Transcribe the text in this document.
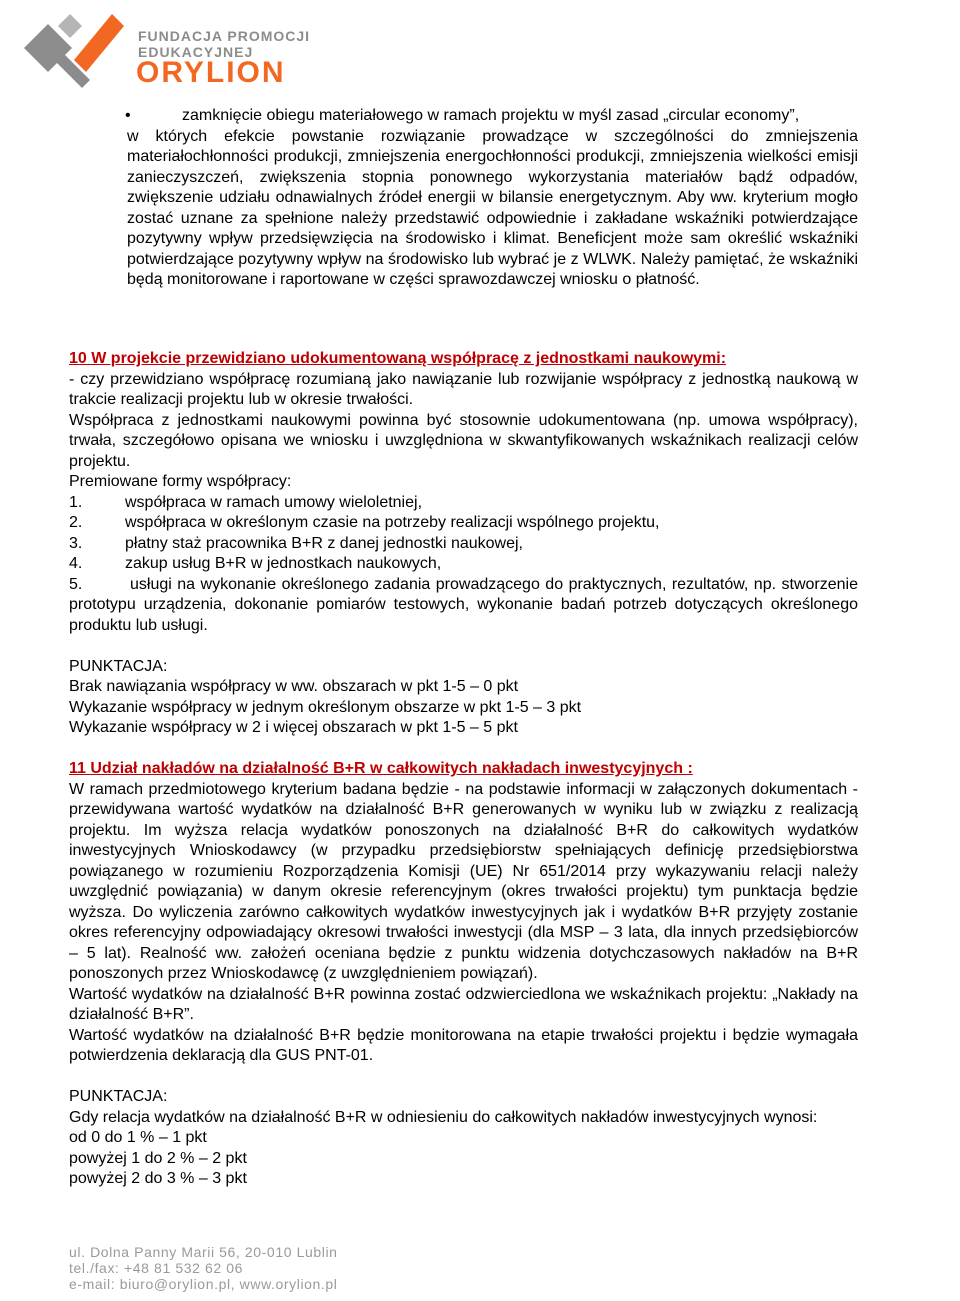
FUNDACJA PROMOCJI
EDUKACYJNEJ
ORYLION
•	zamknięcie obiegu materiałowego w ramach projektu w myśl zasad „circular economy”,
w których efekcie powstanie rozwiązanie prowadzące w szczególności do zmniejszenia materiałochłonności produkcji, zmniejszenia energochłonności produkcji, zmniejszenia wielkości emisji zanieczyszczeń, zwiększenia stopnia ponownego wykorzystania materiałów bądź odpadów, zwiększenie udziału odnawialnych źródeł energii w bilansie energetycznym. Aby ww. kryterium mogło zostać uznane za spełnione należy przedstawić odpowiednie i zakładane wskaźniki potwierdzające pozytywny wpływ przedsięwzięcia na środowisko i klimat. Beneficjent może sam określić wskaźniki potwierdzające pozytywny wpływ na środowisko lub wybrać je z WLWK. Należy pamiętać, że wskaźniki będą monitorowane i raportowane w części sprawozdawczej wniosku o płatność.
10 W projekcie przewidziano udokumentowaną współpracę z jednostkami naukowymi:
- czy przewidziano współpracę rozumianą jako nawiązanie lub rozwijanie współpracy z jednostką naukową w trakcie realizacji projektu lub w okresie trwałości.
Współpraca z jednostkami naukowymi powinna być stosownie udokumentowana (np. umowa współpracy), trwała, szczegółowo opisana we wniosku i uwzględniona w skwantyfikowanych wskaźnikach realizacji celów projektu.
Premiowane formy współpracy:
1.	współpraca w ramach umowy wieloletniej,
2.	współpraca w określonym czasie na potrzeby realizacji wspólnego projektu,
3.	płatny staż pracownika B+R z danej jednostki naukowej,
4.	zakup usług B+R w jednostkach naukowych,
5.	usługi na wykonanie określonego zadania prowadzącego do praktycznych, rezultatów, np. stworzenie prototypu urządzenia, dokonanie pomiarów testowych, wykonanie badań potrzeb dotyczących określonego produktu lub usługi.
PUNKTACJA:
Brak nawiązania współpracy w ww. obszarach w pkt 1-5 – 0 pkt
Wykazanie współpracy w jednym określonym obszarze w pkt 1-5 – 3 pkt
Wykazanie współpracy w 2 i więcej obszarach w pkt 1-5 – 5 pkt
11 Udział nakładów na działalność B+R w całkowitych nakładach inwestycyjnych :
W ramach przedmiotowego kryterium badana będzie - na podstawie informacji w załączonych dokumentach - przewidywana wartość wydatków na działalność B+R generowanych w wyniku lub w związku z realizacją projektu. Im wyższa relacja wydatków ponoszonych na działalność B+R do całkowitych wydatków inwestycyjnych Wnioskodawcy (w przypadku przedsiębiorstw spełniających definicję przedsiębiorstwa powiązanego w rozumieniu Rozporządzenia Komisji (UE) Nr 651/2014 przy wykazywaniu relacji należy uwzględnić powiązania) w danym okresie referencyjnym (okres trwałości projektu) tym punktacja będzie wyższa. Do wyliczenia zarówno całkowitych wydatków inwestycyjnych jak i wydatków B+R przyjęty zostanie okres referencyjny odpowiadający okresowi trwałości inwestycji (dla MSP – 3 lata, dla innych przedsiębiorców – 5 lat). Realność ww. założeń oceniana będzie z punktu widzenia dotychczasowych nakładów na B+R ponoszonych przez Wnioskodawcę (z uwzględnieniem powiązań).
Wartość wydatków na działalność B+R powinna zostać odzwierciedlona we wskaźnikach projektu: „Nakłady na działalność B+R”.
Wartość wydatków na działalność B+R będzie monitorowana na etapie trwałości projektu i będzie wymagała potwierdzenia deklaracją dla GUS PNT-01.
PUNKTACJA:
Gdy relacja wydatków na działalność B+R w odniesieniu do całkowitych nakładów inwestycyjnych wynosi:
od 0 do 1 % – 1 pkt
powyżej 1 do 2 % – 2 pkt
powyżej 2 do 3 % – 3 pkt
ul. Dolna Panny Marii 56, 20-010 Lublin
tel./fax: +48 81 532 62 06
e-mail: biuro@orylion.pl, www.orylion.pl
